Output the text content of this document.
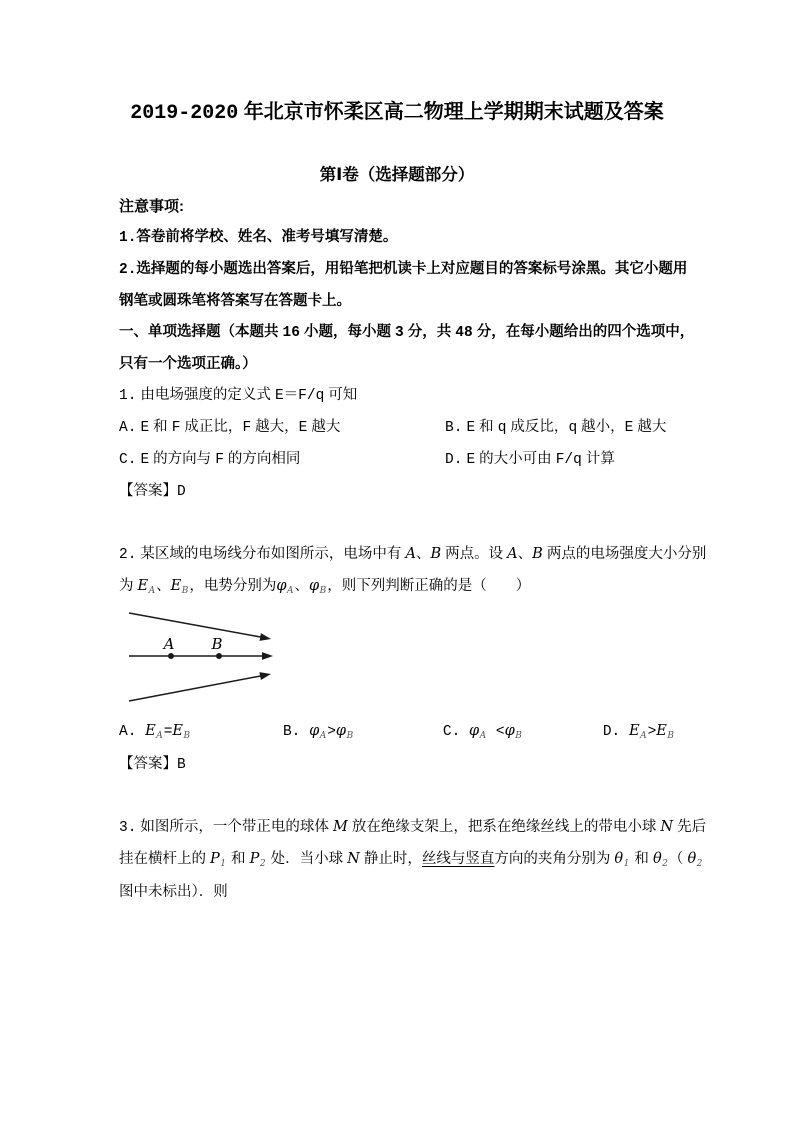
2019-2020 年北京市怀柔区高二物理上学期期末试题及答案
第Ⅰ卷（选择题部分）
注意事项:
1.答卷前将学校、姓名、准考号填写清楚。
2.选择题的每小题选出答案后，用铅笔把机读卡上对应题目的答案标号涂黑。其它小题用
钢笔或圆珠笔将答案写在答题卡上。
一、单项选择题（本题共 16 小题，每小题 3 分，共 48 分，在每小题给出的四个选项中，
只有一个选项正确。）
1. 由电场强度的定义式 E＝F/q 可知
A. E 和 F 成正比，F 越大，E 越大	B. E 和 q 成反比，q 越小，E 越大
C. E 的方向与 F 的方向相同	D. E 的大小可由 F/q 计算
【答案】D
2. 某区域的电场线分布如图所示，电场中有 A、B 两点。设 A、B 两点的电场强度大小分别
为 $E_A$、$E_B$，电势分别为$\varphi_A$、$\varphi_B$，则下列判断正确的是（　　）
A B
A. $E_A=E_B$	B. $\varphi_A>\varphi_B$	C. $\varphi_A <\varphi_B$	D. $E_A>E_B$
【答案】B
3. 如图所示，一个带正电的球体 M 放在绝缘支架上，把系在绝缘丝线上的带电小球 N 先后
挂在横杆上的 $P_1$ 和 $P_2$ 处．当小球 N 静止时，丝线与竖直方向的夹角分别为 $\theta_1$ 和 $\theta_2$（ $\theta_2$
图中未标出）．则
